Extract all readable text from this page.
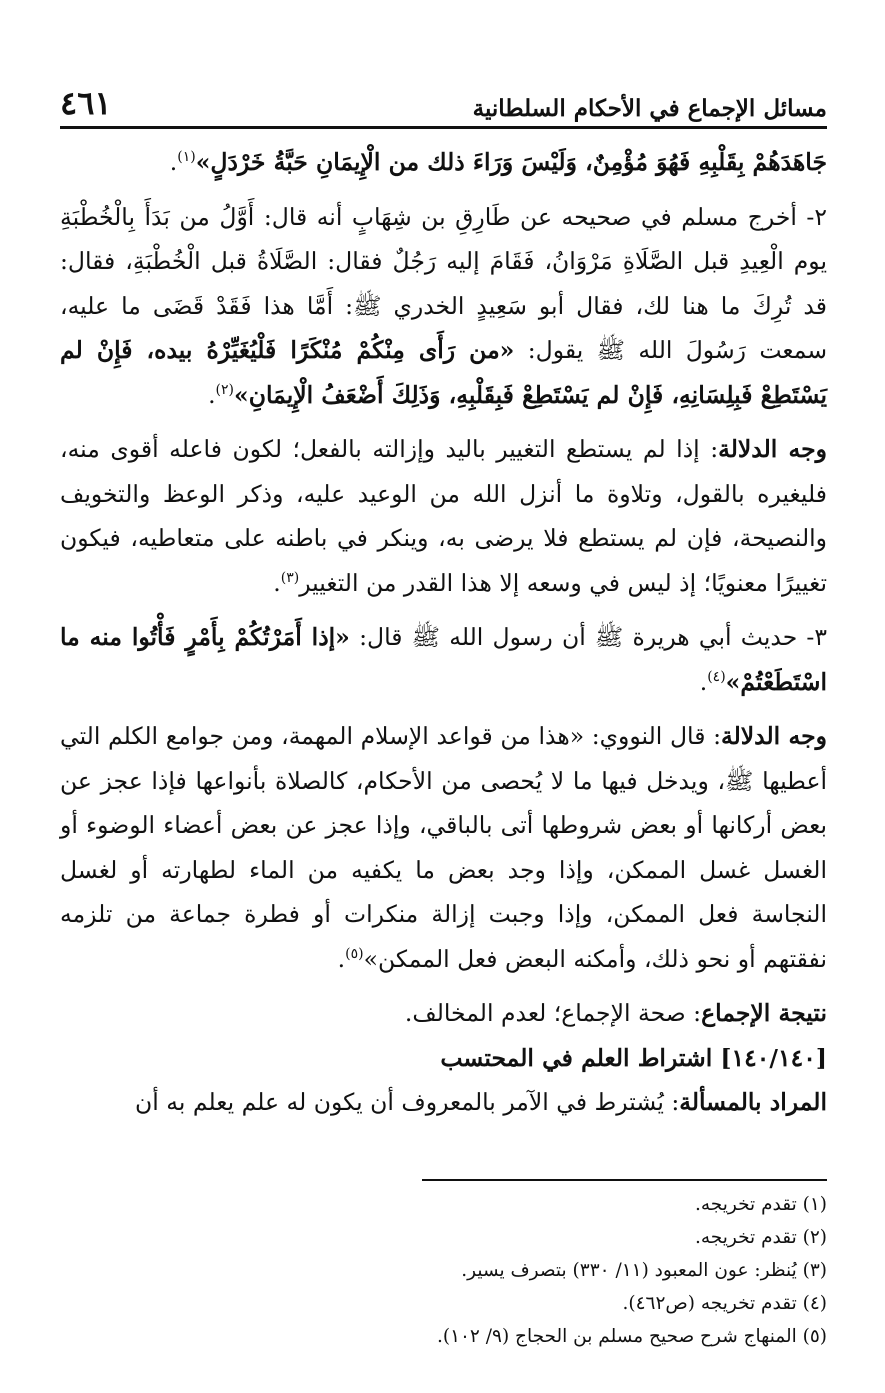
مسائل الإجماع في الأحكام السلطانية
٤٦١

جَاهَدَهُمْ بِقَلْبِهِ فَهُوَ مُؤْمِنٌ، وَلَيْسَ وَرَاءَ ذلك من الْإِيمَانِ حَبَّةُ خَرْدَلٍ»$^{(١)}$.

٢- أخرج مسلم في صحيحه عن طَارِقِ بن شِهَابٍ أنه قال: أَوَّلُ من بَدَأَ بِالْخُطْبَةِ يوم الْعِيدِ قبل الصَّلَاةِ مَرْوَانُ، فَقَامَ إليه رَجُلٌ فقال: الصَّلَاةُ قبل الْخُطْبَةِ، فقال: قد تُرِكَ ما هنا لك، فقال أبو سَعِيدٍ الخدري ﷺ: أَمَّا هذا فَقَدْ قَضَى ما عليه، سمعت رَسُولَ الله ﷺ يقول: «من رَأَى مِنْكُمْ مُنْكَرًا فَلْيُغَيِّرْهُ بيده، فَإِنْ لم يَسْتَطِعْ فَبِلِسَانِهِ، فَإِنْ لم يَسْتَطِعْ فَبِقَلْبِهِ، وَذَلِكَ أَضْعَفُ الْإِيمَانِ»$^{(٢)}$.

وجه الدلالة: إذا لم يستطع التغيير باليد وإزالته بالفعل؛ لكون فاعله أقوى منه، فليغيره بالقول، وتلاوة ما أنزل الله من الوعيد عليه، وذكر الوعظ والتخويف والنصيحة، فإن لم يستطع فلا يرضى به، وينكر في باطنه على متعاطيه، فيكون تغييرًا معنويًا؛ إذ ليس في وسعه إلا هذا القدر من التغيير$^{(٣)}$.

٣- حديث أبي هريرة ﷺ أن رسول الله ﷺ قال: «إذا أَمَرْتُكُمْ بِأَمْرٍ فَأْتُوا منه ما اسْتَطَعْتُمْ»$^{(٤)}$.

وجه الدلالة: قال النووي: «هذا من قواعد الإسلام المهمة، ومن جوامع الكلم التي أعطيها ﷺ، ويدخل فيها ما لا يُحصى من الأحكام، كالصلاة بأنواعها فإذا عجز عن بعض أركانها أو بعض شروطها أتى بالباقي، وإذا عجز عن بعض أعضاء الوضوء أو الغسل غسل الممكن، وإذا وجد بعض ما يكفيه من الماء لطهارته أو لغسل النجاسة فعل الممكن، وإذا وجبت إزالة منكرات أو فطرة جماعة من تلزمه نفقتهم أو نحو ذلك، وأمكنه البعض فعل الممكن»$^{(٥)}$.

نتيجة الإجماع: صحة الإجماع؛ لعدم المخالف.

[١٤٠/١٤٠] اشتراط العلم في المحتسب

المراد بالمسألة: يُشترط في الآمر بالمعروف أن يكون له علم يعلم به أن

(١) تقدم تخريجه.

(٢) تقدم تخريجه.

(٣) يُنظر: عون المعبود (١١/ ٣٣٠) بتصرف يسير.

(٤) تقدم تخريجه (ص٤٦٢).

(٥) المنهاج شرح صحيح مسلم بن الحجاج (٩/ ١٠٢).
